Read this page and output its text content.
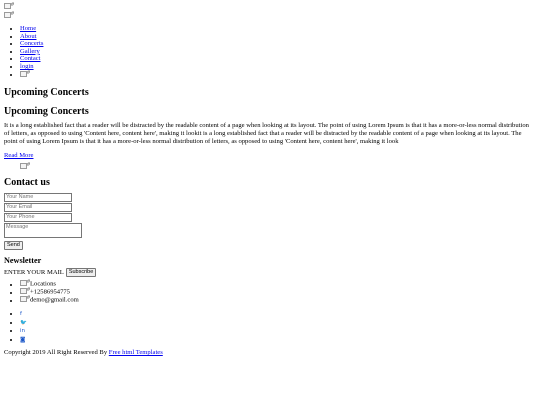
#
#
• Home
• About
• Concerts
• Gallery
• Contact
• login
• #
Upcoming Concerts
Upcoming Concerts

It is a long established fact that a reader will be distracted by the readable content of a page when looking at its layout. The point of using Lorem Ipsum is that it has a more-or-less normal distribution of letters, as opposed to using 'Content here, content here', making it lookit is a long established fact that a reader will be distracted by the readable content of a page when looking at its layout. The point of using Lorem Ipsum is that it has a more-or-less normal distribution of letters, as opposed to using 'Content here, content here', making it look

Read More
#
Contact us
Your Name
Your Email
Your Phone
Message
Send
Newsletter
ENTER YOUR MAIL Subscribe
• # Locations
• # +12586954775
• # demo@gmail.com
• f
• 🐦
• in
• ◙
Copyright 2019 All Right Reserved By Free html Templates
